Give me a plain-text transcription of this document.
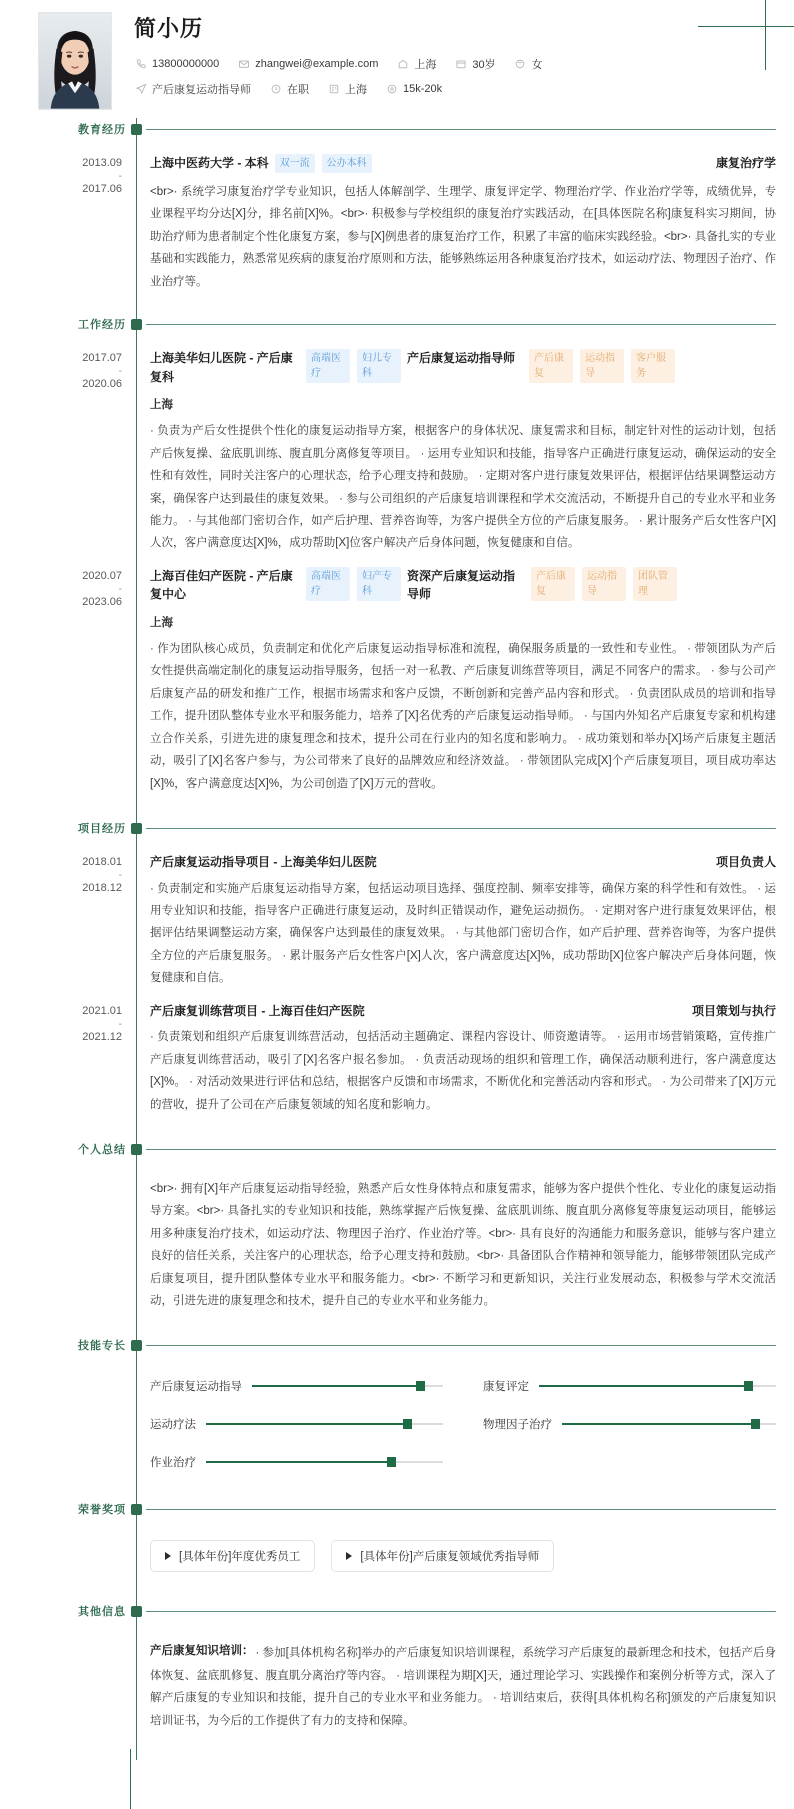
简小历
13800000000	zhangwei@example.com	上海	30岁	女
产后康复运动指导师	在职	上海	15k-20k
教育经历
2013.09
-
2017.06
上海中医药大学 - 本科	双一流	公办本科	康复治疗学
<br>· 系统学习康复治疗学专业知识，包括人体解剖学、生理学、康复评定学、物理治疗学、作业治疗学等，成绩优异，专业课程平均分达[X]分，排名前[X]%。<br>· 积极参与学校组织的康复治疗实践活动，在[具体医院名称]康复科实习期间，协助治疗师为患者制定个性化康复方案，参与[X]例患者的康复治疗工作，积累了丰富的临床实践经验。<br>· 具备扎实的专业基础和实践能力，熟悉常见疾病的康复治疗原则和方法，能够熟练运用各种康复治疗技术，如运动疗法、物理因子治疗、作业治疗等。
工作经历
2017.07
-
2020.06
上海美华妇儿医院 - 产后康复科
高端医疗
妇儿专科
产后康复运动指导师	产后康复
运动指导
客户服务
上海
· 负责为产后女性提供个性化的康复运动指导方案，根据客户的身体状况、康复需求和目标，制定针对性的运动计划，包括产后恢复操、盆底肌训练、腹直肌分离修复等项目。 · 运用专业知识和技能，指导客户正确进行康复运动，确保运动的安全性和有效性，同时关注客户的心理状态，给予心理支持和鼓励。 · 定期对客户进行康复效果评估，根据评估结果调整运动方案，确保客户达到最佳的康复效果。 · 参与公司组织的产后康复培训课程和学术交流活动，不断提升自己的专业水平和业务能力。 · 与其他部门密切合作，如产后护理、营养咨询等，为客户提供全方位的产后康复服务。 · 累计服务产后女性客户[X]人次，客户满意度达[X]%，成功帮助[X]位客户解决产后身体问题，恢复健康和自信。
2020.07
-
2023.06
上海百佳妇产医院 - 产后康复中心
高端医疗
妇产专科
资深产后康复运动指导师
产后康复
运动指导
团队管理
上海
· 作为团队核心成员，负责制定和优化产后康复运动指导标准和流程，确保服务质量的一致性和专业性。 · 带领团队为产后女性提供高端定制化的康复运动指导服务，包括一对一私教、产后康复训练营等项目，满足不同客户的需求。 · 参与公司产后康复产品的研发和推广工作，根据市场需求和客户反馈，不断创新和完善产品内容和形式。 · 负责团队成员的培训和指导工作，提升团队整体专业水平和服务能力，培养了[X]名优秀的产后康复运动指导师。 · 与国内外知名产后康复专家和机构建立合作关系，引进先进的康复理念和技术，提升公司在行业内的知名度和影响力。 · 成功策划和举办[X]场产后康复主题活动，吸引了[X]名客户参与，为公司带来了良好的品牌效应和经济效益。 · 带领团队完成[X]个产后康复项目，项目成功率达[X]%，客户满意度达[X]%，为公司创造了[X]万元的营收。
项目经历
2018.01
-
2018.12
产后康复运动指导项目 - 上海美华妇儿医院	项目负责人
· 负责制定和实施产后康复运动指导方案，包括运动项目选择、强度控制、频率安排等，确保方案的科学性和有效性。 · 运用专业知识和技能，指导客户正确进行康复运动，及时纠正错误动作，避免运动损伤。 · 定期对客户进行康复效果评估，根据评估结果调整运动方案，确保客户达到最佳的康复效果。 · 与其他部门密切合作，如产后护理、营养咨询等，为客户提供全方位的产后康复服务。 · 累计服务产后女性客户[X]人次，客户满意度达[X]%，成功帮助[X]位客户解决产后身体问题，恢复健康和自信。
2021.01
-
2021.12
产后康复训练营项目 - 上海百佳妇产医院	项目策划与执行
· 负责策划和组织产后康复训练营活动，包括活动主题确定、课程内容设计、师资邀请等。 · 运用市场营销策略，宣传推广产后康复训练营活动，吸引了[X]名客户报名参加。 · 负责活动现场的组织和管理工作，确保活动顺利进行，客户满意度达[X]%。 · 对活动效果进行评估和总结，根据客户反馈和市场需求，不断优化和完善活动内容和形式。 · 为公司带来了[X]万元的营收，提升了公司在产后康复领域的知名度和影响力。
个人总结
<br>· 拥有[X]年产后康复运动指导经验，熟悉产后女性身体特点和康复需求，能够为客户提供个性化、专业化的康复运动指导方案。<br>· 具备扎实的专业知识和技能，熟练掌握产后恢复操、盆底肌训练、腹直肌分离修复等康复运动项目，能够运用多种康复治疗技术，如运动疗法、物理因子治疗、作业治疗等。<br>· 具有良好的沟通能力和服务意识，能够与客户建立良好的信任关系，关注客户的心理状态，给予心理支持和鼓励。<br>· 具备团队合作精神和领导能力，能够带领团队完成产后康复项目，提升团队整体专业水平和服务能力。<br>· 不断学习和更新知识，关注行业发展动态，积极参与学术交流活动，引进先进的康复理念和技术，提升自己的专业水平和业务能力。
技能专长
产后康复运动指导	康复评定
运动疗法	物理因子治疗
作业治疗
荣誉奖项
[具体年份]年度优秀员工	[具体年份]产后康复领域优秀指导师
其他信息
产后康复知识培训： · 参加[具体机构名称]举办的产后康复知识培训课程，系统学习产后康复的最新理念和技术，包括产后身体恢复、盆底肌修复、腹直肌分离治疗等内容。 · 培训课程为期[X]天，通过理论学习、实践操作和案例分析等方式，深入了解产后康复的专业知识和技能，提升自己的专业水平和业务能力。 · 培训结束后，获得[具体机构名称]颁发的产后康复知识培训证书，为今后的工作提供了有力的支持和保障。
